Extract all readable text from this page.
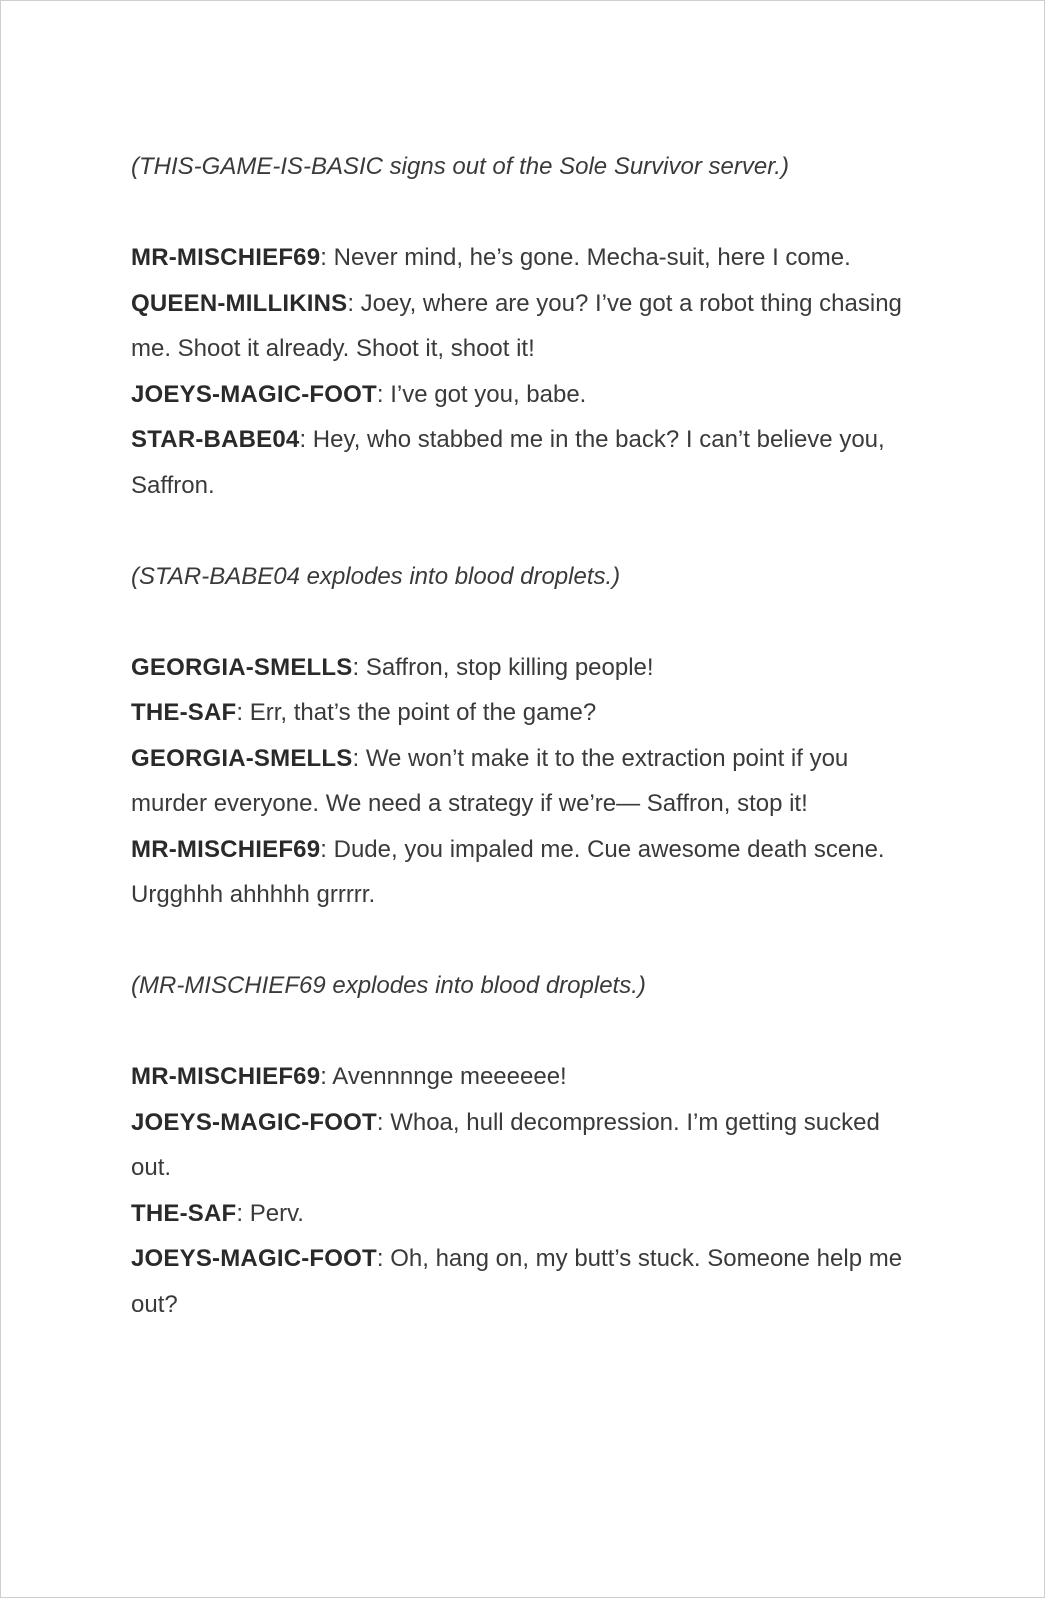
(THIS-GAME-IS-BASIC signs out of the Sole Survivor server.)

MR-MISCHIEF69: Never mind, he’s gone. Mecha-suit, here I come.

QUEEN-MILLIKINS: Joey, where are you? I’ve got a robot thing chasing me. Shoot it already. Shoot it, shoot it!

JOEYS-MAGIC-FOOT: I’ve got you, babe.

STAR-BABE04: Hey, who stabbed me in the back? I can’t believe you, Saffron.

(STAR-BABE04 explodes into blood droplets.)

GEORGIA-SMELLS: Saffron, stop killing people!

THE-SAF: Err, that’s the point of the game?

GEORGIA-SMELLS: We won’t make it to the extraction point if you murder everyone. We need a strategy if we’re— Saffron, stop it!

MR-MISCHIEF69: Dude, you impaled me. Cue awesome death scene. Urgghhh ahhhhh grrrrr.

(MR-MISCHIEF69 explodes into blood droplets.)

MR-MISCHIEF69: Avennnnge meeeeee!

JOEYS-MAGIC-FOOT: Whoa, hull decompression. I’m getting sucked out.

THE-SAF: Perv.

JOEYS-MAGIC-FOOT: Oh, hang on, my butt’s stuck. Someone help me out?
